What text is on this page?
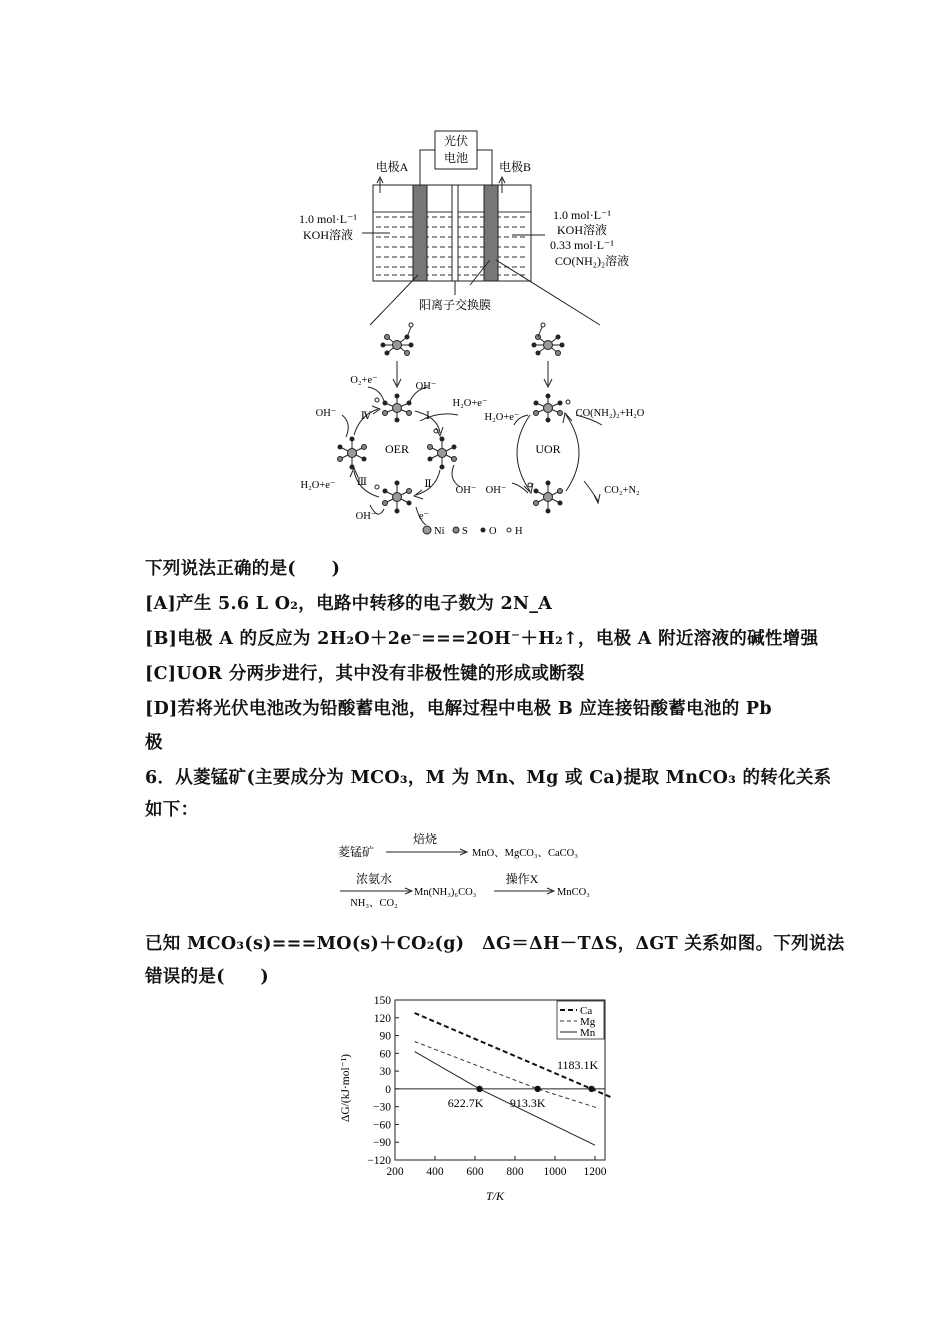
光伏
电池
电极A	电极B
阳离子交换膜
1.0 mol·L⁻¹
KOH溶液
1.0 mol·L⁻¹
KOH溶液
0.33 mol·L⁻¹
CO(NH₂)₂溶液
OER
O₂+e⁻
OH⁻
OH⁻
H₂O+e⁻
Ⅰ
Ⅱ
Ⅲ
Ⅳ
H₂O+e⁻	OH⁻
OH⁻	e⁻
UOR
H₂O+e⁻	CO(NH₂)₂+H₂O
OH⁻	CO₂+N₂
Ni S O H
下列说法正确的是(　　)
[A]产生 5.6 L O₂，电路中转移的电子数为 2N_A
[B]电极 A 的反应为 2H₂O＋2e⁻===2OH⁻＋H₂↑，电极 A 附近溶液的碱性增强
[C]UOR 分两步进行，其中没有非极性键的形成或断裂
[D]若将光伏电池改为铅酸蓄电池，电解过程中电极 B 应连接铅酸蓄电池的 Pb
极
6．从菱锰矿(主要成分为 MCO₃，M 为 Mn、Mg 或 Ca)提取 MnCO₃ 的转化关系
如下：
菱锰矿
焙烧
MnO、MgCO₃、CaCO₃
浓氨水
NH₃、CO₂
Mn(NH₃)₆CO₃
操作X
MnCO₃
已知 MCO₃(s)===MO(s)＋CO₂(g)　ΔG＝ΔH－TΔS，ΔGT 关系如图。下列说法
错误的是(　　)
150
120
90
60
30
0
−30
−60
−90
−120
200 400 600 800 1000 1200
622.7K 913.3K
1183.1K
Ca
Mg
Mn
T/K
ΔG/(kJ·mol⁻¹)
